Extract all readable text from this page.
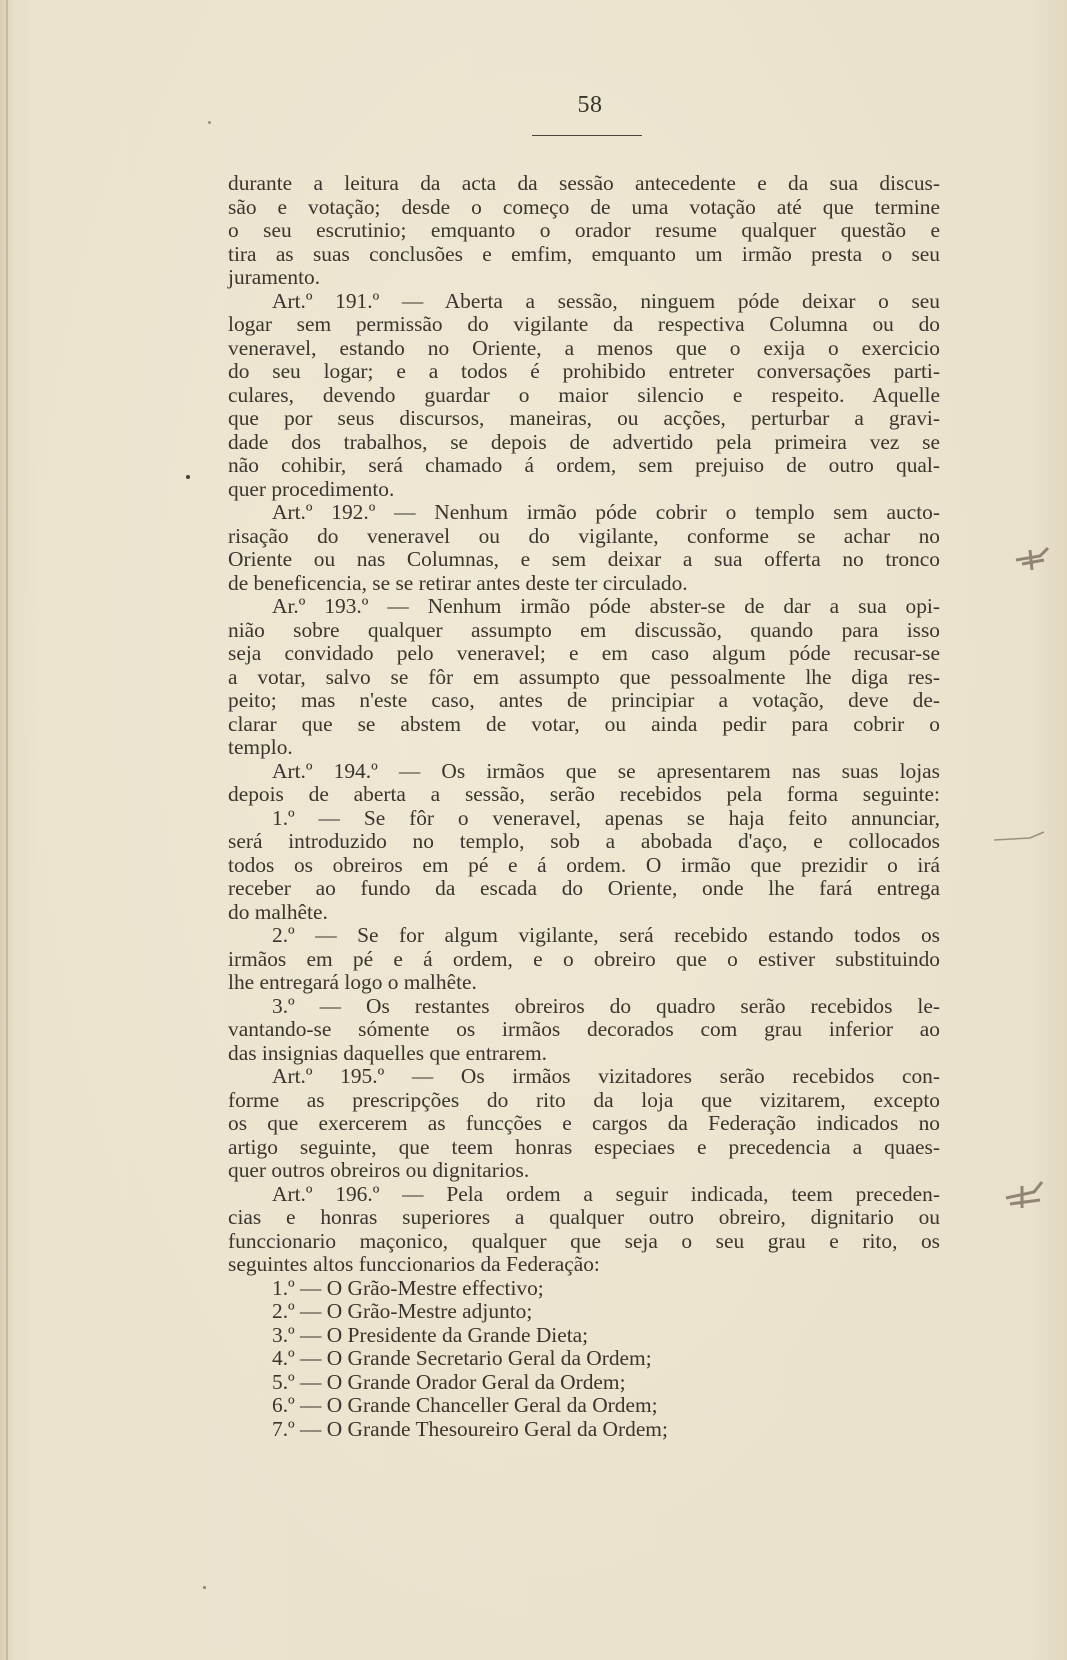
58
durante a leitura da acta da sessão antecedente e da sua discus-
são e votação; desde o começo de uma votação até que termine
o seu escrutinio; emquanto o orador resume qualquer questão e
tira as suas conclusões e emfim, emquanto um irmão presta o seu
juramento.
Art.º 191.º — Aberta a sessão, ninguem póde deixar o seu
logar sem permissão do vigilante da respectiva Columna ou do
veneravel, estando no Oriente, a menos que o exija o exercicio
do seu logar; e a todos é prohibido entreter conversações parti-
culares, devendo guardar o maior silencio e respeito. Aquelle
que por seus discursos, maneiras, ou acções, perturbar a gravi-
dade dos trabalhos, se depois de advertido pela primeira vez se
não cohibir, será chamado á ordem, sem prejuiso de outro qual-
quer procedimento.
Art.º 192.º — Nenhum irmão póde cobrir o templo sem aucto-
risação do veneravel ou do vigilante, conforme se achar no
Oriente ou nas Columnas, e sem deixar a sua offerta no tronco
de beneficencia, se se retirar antes deste ter circulado.
Ar.º 193.º — Nenhum irmão póde abster-se de dar a sua opi-
nião sobre qualquer assumpto em discussão, quando para isso
seja convidado pelo veneravel; e em caso algum póde recusar-se
a votar, salvo se fôr em assumpto que pessoalmente lhe diga res-
peito; mas n'este caso, antes de principiar a votação, deve de-
clarar que se abstem de votar, ou ainda pedir para cobrir o
templo.
Art.º 194.º — Os irmãos que se apresentarem nas suas lojas
depois de aberta a sessão, serão recebidos pela forma seguinte:
1.º — Se fôr o veneravel, apenas se haja feito annunciar,
será introduzido no templo, sob a abobada d'aço, e collocados
todos os obreiros em pé e á ordem. O irmão que prezidir o irá
receber ao fundo da escada do Oriente, onde lhe fará entrega
do malhête.
2.º — Se for algum vigilante, será recebido estando todos os
irmãos em pé e á ordem, e o obreiro que o estiver substituindo
lhe entregará logo o malhête.
3.º — Os restantes obreiros do quadro serão recebidos le-
vantando-se sómente os irmãos decorados com grau inferior ao
das insignias daquelles que entrarem.
Art.º 195.º — Os irmãos vizitadores serão recebidos con-
forme as prescripções do rito da loja que vizitarem, excepto
os que exercerem as funcções e cargos da Federação indicados no
artigo seguinte, que teem honras especiaes e precedencia a quaes-
quer outros obreiros ou dignitarios.
Art.º 196.º — Pela ordem a seguir indicada, teem preceden-
cias e honras superiores a qualquer outro obreiro, dignitario ou
funccionario maçonico, qualquer que seja o seu grau e rito, os
seguintes altos funccionarios da Federação:
1.º — O Grão-Mestre effectivo;
2.º — O Grão-Mestre adjunto;
3.º — O Presidente da Grande Dieta;
4.º — O Grande Secretario Geral da Ordem;
5.º — O Grande Orador Geral da Ordem;
6.º — O Grande Chanceller Geral da Ordem;
7.º — O Grande Thesoureiro Geral da Ordem;
